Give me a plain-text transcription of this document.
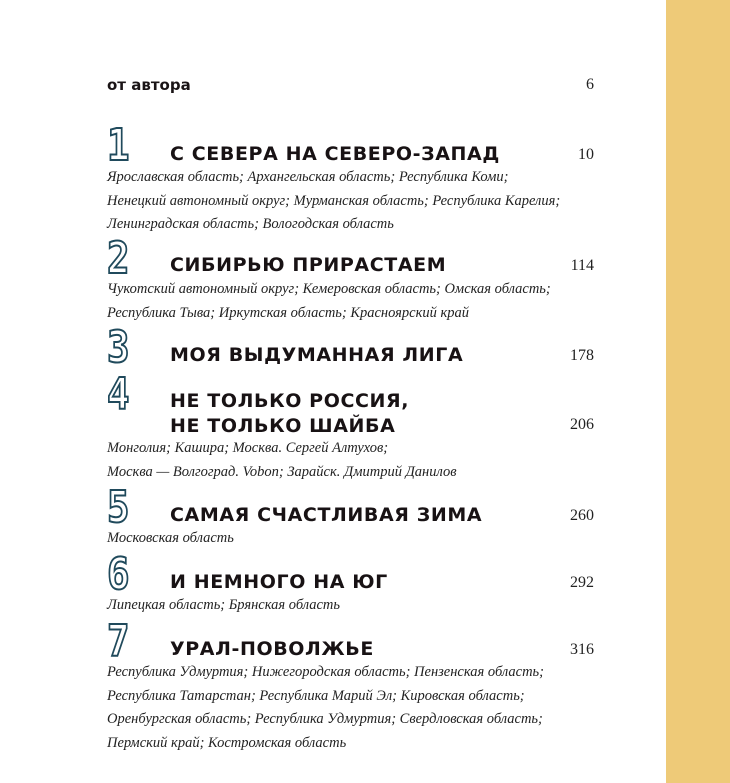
от автора	6
1 С СЕВЕРА НА СЕВЕРО-ЗАПАД	10
Ярославская область; Архангельская область; Республика Коми;
Ненецкий автономный округ; Мурманская область; Республика Карелия;
Ленинградская область; Вологодская область
2 СИБИРЬЮ ПРИРАСТАЕМ	114
Чукотский автономный округ; Кемеровская область; Омская область;
Республика Тыва; Иркутская область; Красноярский край
3 МОЯ ВЫДУМАННАЯ ЛИГА	178
4 НЕ ТОЛЬКО РОССИЯ,
НЕ ТОЛЬКО ШАЙБА	206
Монголия; Кашира; Москва. Сергей Алтухов;
Москва — Волгоград. Vobon; Зарайск. Дмитрий Данилов
5 САМАЯ СЧАСТЛИВАЯ ЗИМА	260
Московская область
6 И НЕМНОГО НА ЮГ	292
Липецкая область; Брянская область
7 УРАЛ-ПОВОЛЖЬЕ	316
Республика Удмуртия; Нижегородская область; Пензенская область;
Республика Татарстан; Республика Марий Эл; Кировская область;
Оренбургская область; Республика Удмуртия; Свердловская область;
Пермский край; Костромская область
